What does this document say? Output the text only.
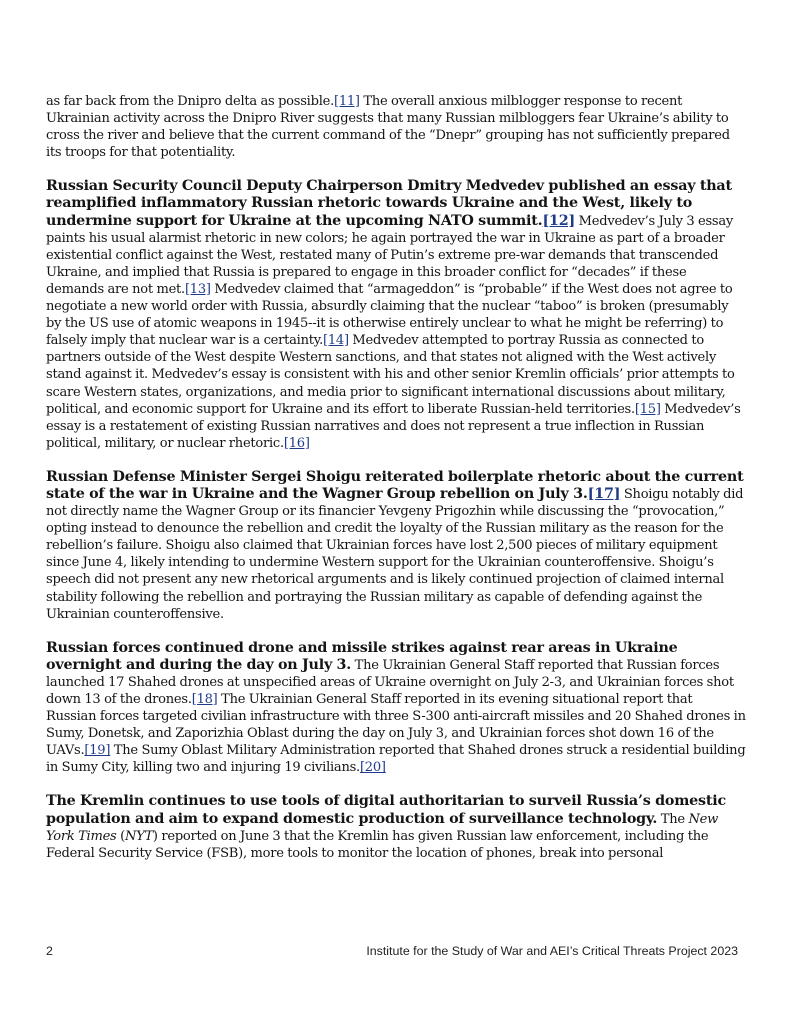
as far back from the Dnipro delta as possible.[11] The overall anxious milblogger response to recent Ukrainian activity across the Dnipro River suggests that many Russian milbloggers fear Ukraine’s ability to cross the river and believe that the current command of the “Dnepr” grouping has not sufficiently prepared its troops for that potentiality.

Russian Security Council Deputy Chairperson Dmitry Medvedev published an essay that reamplified inflammatory Russian rhetoric towards Ukraine and the West, likely to undermine support for Ukraine at the upcoming NATO summit.[12] Medvedev’s July 3 essay paints his usual alarmist rhetoric in new colors; he again portrayed the war in Ukraine as part of a broader existential conflict against the West, restated many of Putin’s extreme pre-war demands that transcended Ukraine, and implied that Russia is prepared to engage in this broader conflict for “decades” if these demands are not met.[13] Medvedev claimed that “armageddon” is “probable” if the West does not agree to negotiate a new world order with Russia, absurdly claiming that the nuclear “taboo” is broken (presumably by the US use of atomic weapons in 1945--it is otherwise entirely unclear to what he might be referring) to falsely imply that nuclear war is a certainty.[14] Medvedev attempted to portray Russia as connected to partners outside of the West despite Western sanctions, and that states not aligned with the West actively stand against it. Medvedev’s essay is consistent with his and other senior Kremlin officials’ prior attempts to scare Western states, organizations, and media prior to significant international discussions about military, political, and economic support for Ukraine and its effort to liberate Russian-held territories.[15] Medvedev’s essay is a restatement of existing Russian narratives and does not represent a true inflection in Russian political, military, or nuclear rhetoric.[16]

Russian Defense Minister Sergei Shoigu reiterated boilerplate rhetoric about the current state of the war in Ukraine and the Wagner Group rebellion on July 3.[17] Shoigu notably did not directly name the Wagner Group or its financier Yevgeny Prigozhin while discussing the “provocation,” opting instead to denounce the rebellion and credit the loyalty of the Russian military as the reason for the rebellion’s failure. Shoigu also claimed that Ukrainian forces have lost 2,500 pieces of military equipment since June 4, likely intending to undermine Western support for the Ukrainian counteroffensive. Shoigu’s speech did not present any new rhetorical arguments and is likely continued projection of claimed internal stability following the rebellion and portraying the Russian military as capable of defending against the Ukrainian counteroffensive.

Russian forces continued drone and missile strikes against rear areas in Ukraine overnight and during the day on July 3. The Ukrainian General Staff reported that Russian forces launched 17 Shahed drones at unspecified areas of Ukraine overnight on July 2-3, and Ukrainian forces shot down 13 of the drones.[18] The Ukrainian General Staff reported in its evening situational report that Russian forces targeted civilian infrastructure with three S-300 anti-aircraft missiles and 20 Shahed drones in Sumy, Donetsk, and Zaporizhia Oblast during the day on July 3, and Ukrainian forces shot down 16 of the UAVs.[19] The Sumy Oblast Military Administration reported that Shahed drones struck a residential building in Sumy City, killing two and injuring 19 civilians.[20]

The Kremlin continues to use tools of digital authoritarian to surveil Russia’s domestic population and aim to expand domestic production of surveillance technology. The New York Times (NYT) reported on June 3 that the Kremlin has given Russian law enforcement, including the Federal Security Service (FSB), more tools to monitor the location of phones, break into personal

2	Institute for the Study of War and AEI’s Critical Threats Project 2023
